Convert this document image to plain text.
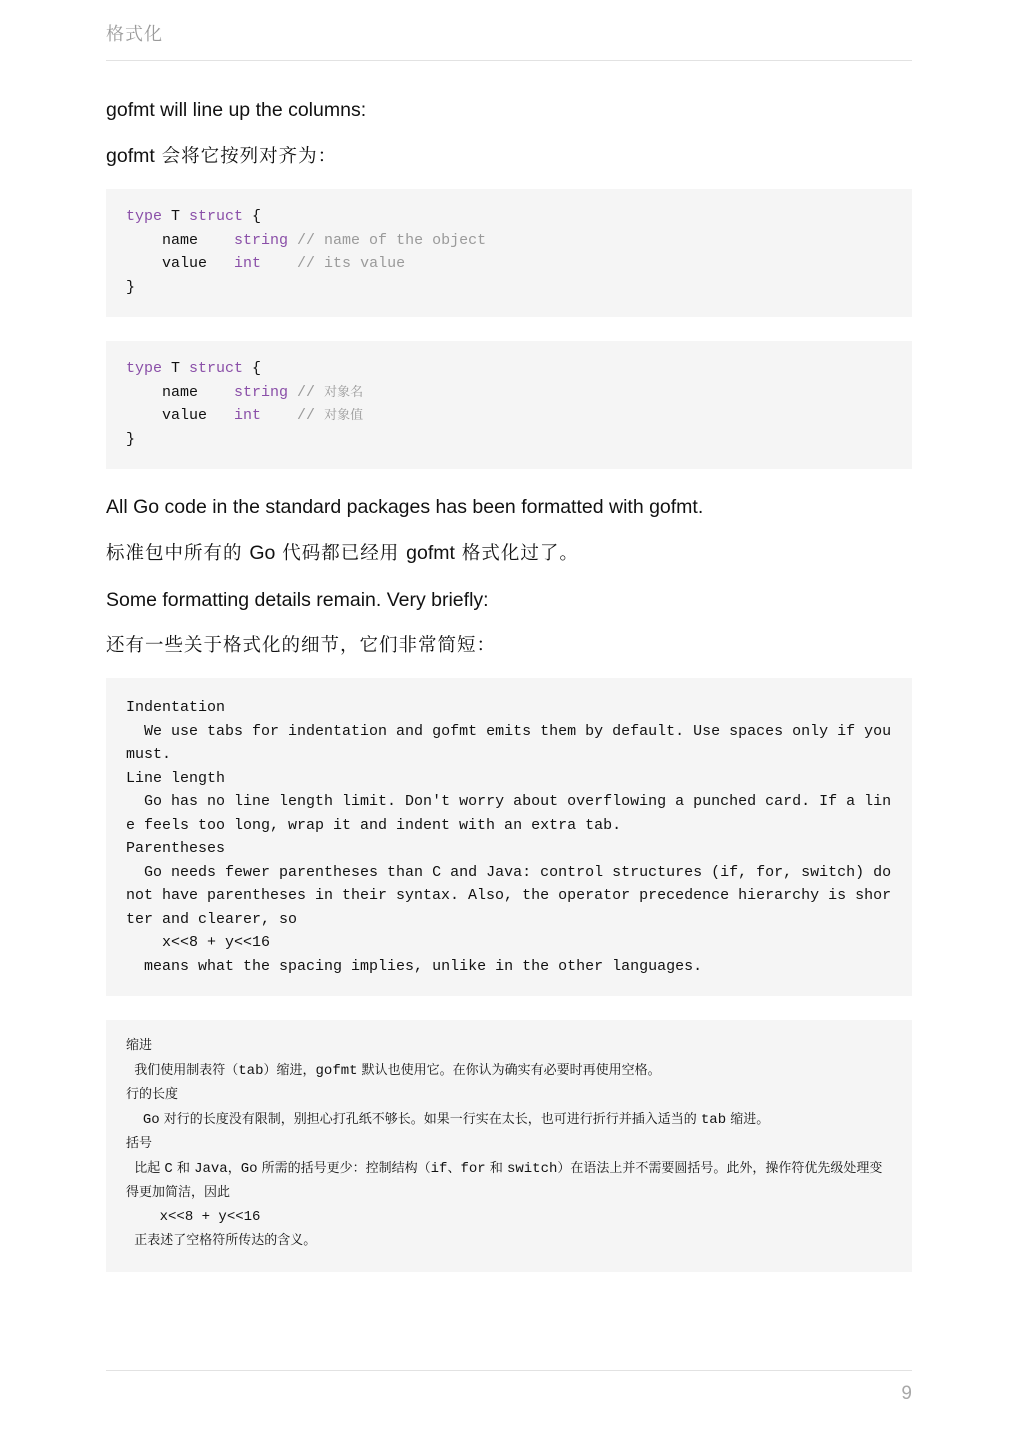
格式化

gofmt will line up the columns:

gofmt 会将它按列对齐为：

type T struct {
name    string // name of the object
value   int    // its value
}
type T struct {
name    string // 对象名
value   int    // 对象值
}

All Go code in the standard packages has been formatted with gofmt.

标准包中所有的 Go 代码都已经用 gofmt 格式化过了。

Some formatting details remain. Very briefly:

还有一些关于格式化的细节，它们非常简短：

Indentation
We use tabs for indentation and gofmt emits them by default. Use spaces only if you must.
Line length
Go has no line length limit. Don't worry about overflowing a punched card. If a line feels too long, wrap it and indent with an extra tab.
Parentheses
Go needs fewer parentheses than C and Java: control structures (if, for, switch) do not have parentheses in their syntax. Also, the operator precedence hierarchy is shorter and clearer, so
x<<8 + y<<16
means what the spacing implies, unlike in the other languages.
缩进
我们使用制表符（tab）缩进，gofmt 默认也使用它。在你认为确实有必要时再使用空格。
行的长度
Go 对行的长度没有限制，别担心打孔纸不够长。如果一行实在太长，也可进行折行并插入适当的 tab 缩进。
括号
比起 C 和 Java，Go 所需的括号更少：控制结构（if、for 和 switch）在语法上并不需要圆括号。此外，操作符优先级处理变得更加简洁，因此
x<<8 + y<<16
正表述了空格符所传达的含义。
9
